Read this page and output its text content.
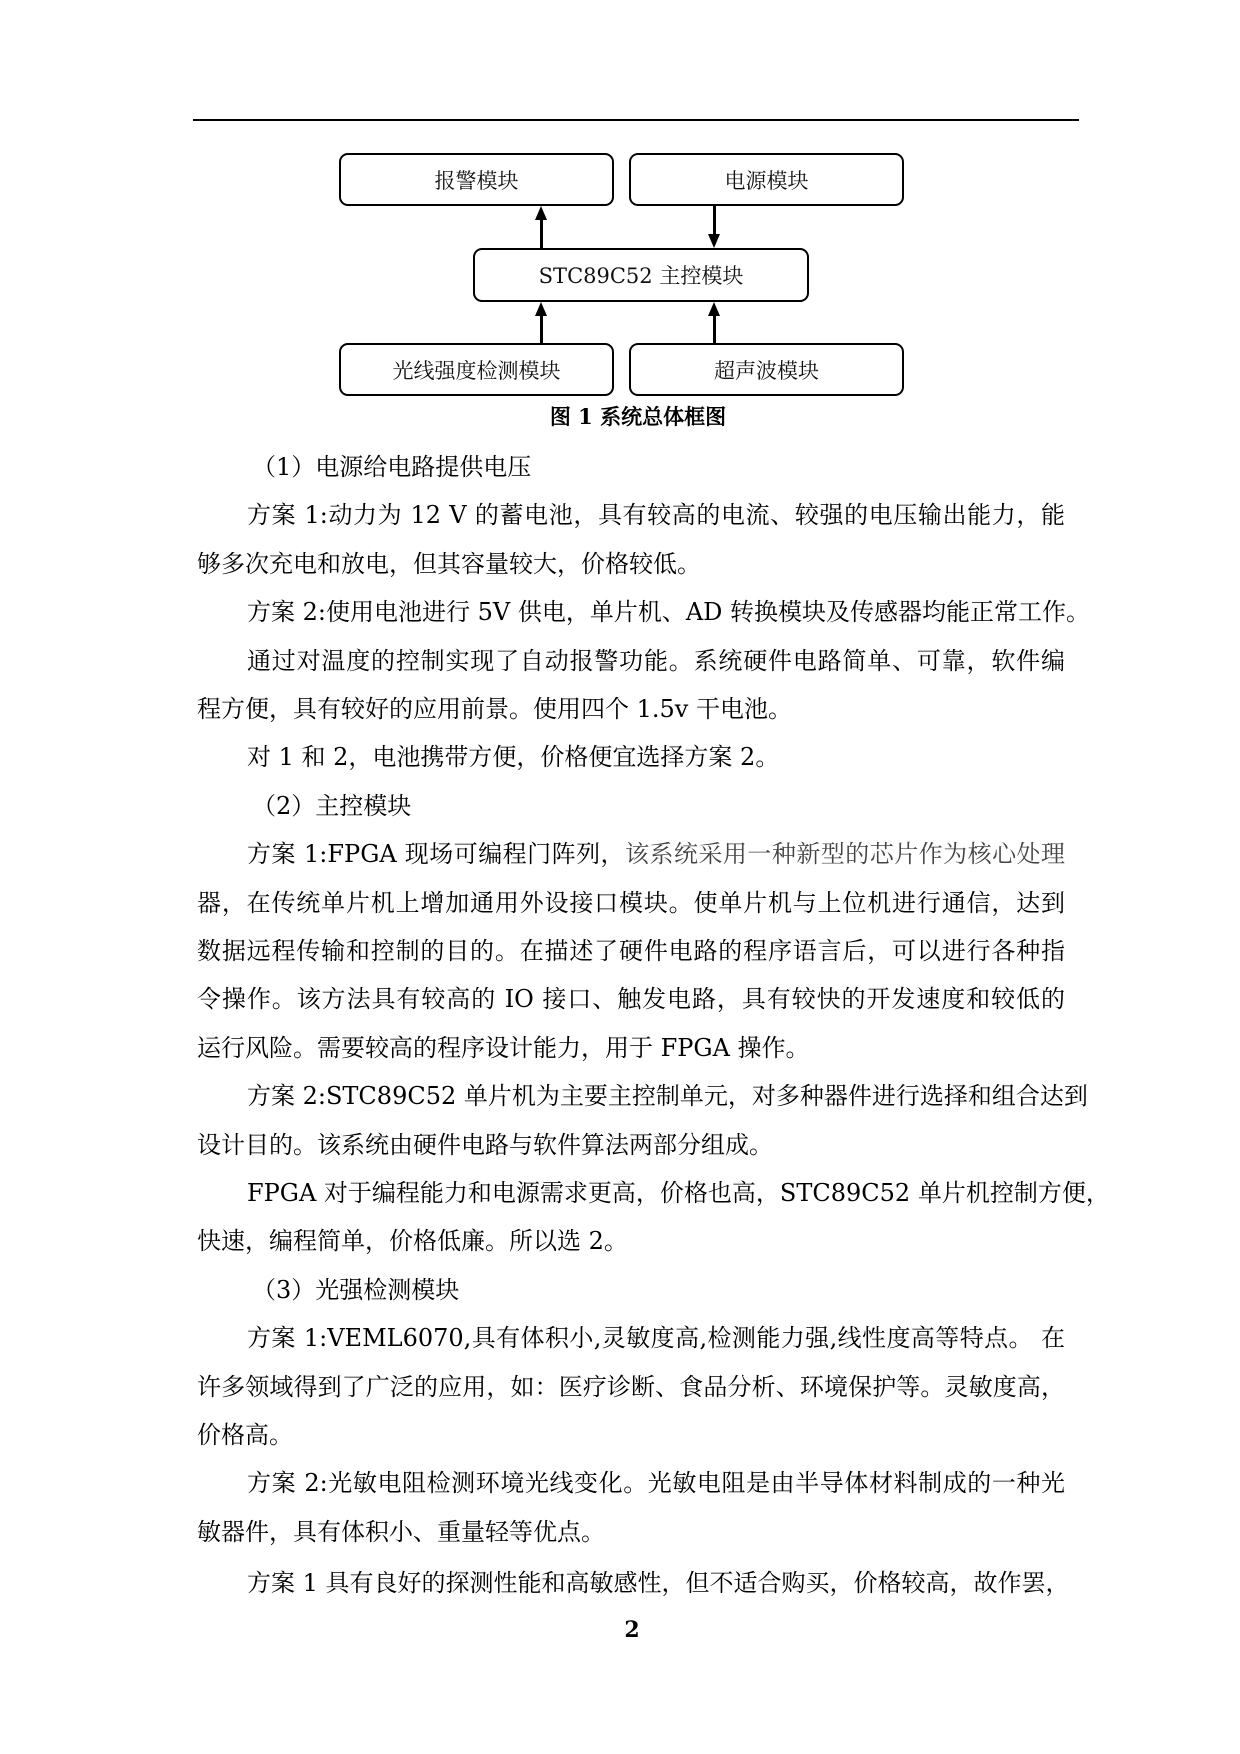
报警模块	电源模块
STC89C52 主控模块
光线强度检测模块	超声波模块
图 1 系统总体框图
（1）电源给电路提供电压
方案 1:动力为 12 V 的蓄电池，具有较高的电流、较强的电压输出能力，能
够多次充电和放电，但其容量较大，价格较低。
方案 2:使用电池进行 5V 供电，单片机、AD 转换模块及传感器均能正常工作。
通过对温度的控制实现了自动报警功能。系统硬件电路简单、可靠，软件编
程方便，具有较好的应用前景。使用四个 1.5v 干电池。
对 1 和 2，电池携带方便，价格便宜选择方案 2。
（2）主控模块
方案 1:FPGA 现场可编程门阵列，该系统采用一种新型的芯片作为核心处理
器，在传统单片机上增加通用外设接口模块。使单片机与上位机进行通信，达到
数据远程传输和控制的目的。在描述了硬件电路的程序语言后，可以进行各种指
令操作。该方法具有较高的 IO 接口、触发电路，具有较快的开发速度和较低的
运行风险。需要较高的程序设计能力，用于 FPGA 操作。
方案 2:STC89C52 单片机为主要主控制单元，对多种器件进行选择和组合达到
设计目的。该系统由硬件电路与软件算法两部分组成。
FPGA 对于编程能力和电源需求更高，价格也高，STC89C52 单片机控制方便，
快速，编程简单，价格低廉。所以选 2。
（3）光强检测模块
方案 1:VEML6070,具有体积小,灵敏度高,检测能力强,线性度高等特点。 在
许多领域得到了广泛的应用，如：医疗诊断、食品分析、环境保护等。灵敏度高，
价格高。
方案 2:光敏电阻检测环境光线变化。光敏电阻是由半导体材料制成的一种光
敏器件，具有体积小、重量轻等优点。
方案 1 具有良好的探测性能和高敏感性，但不适合购买，价格较高，故作罢，
2
